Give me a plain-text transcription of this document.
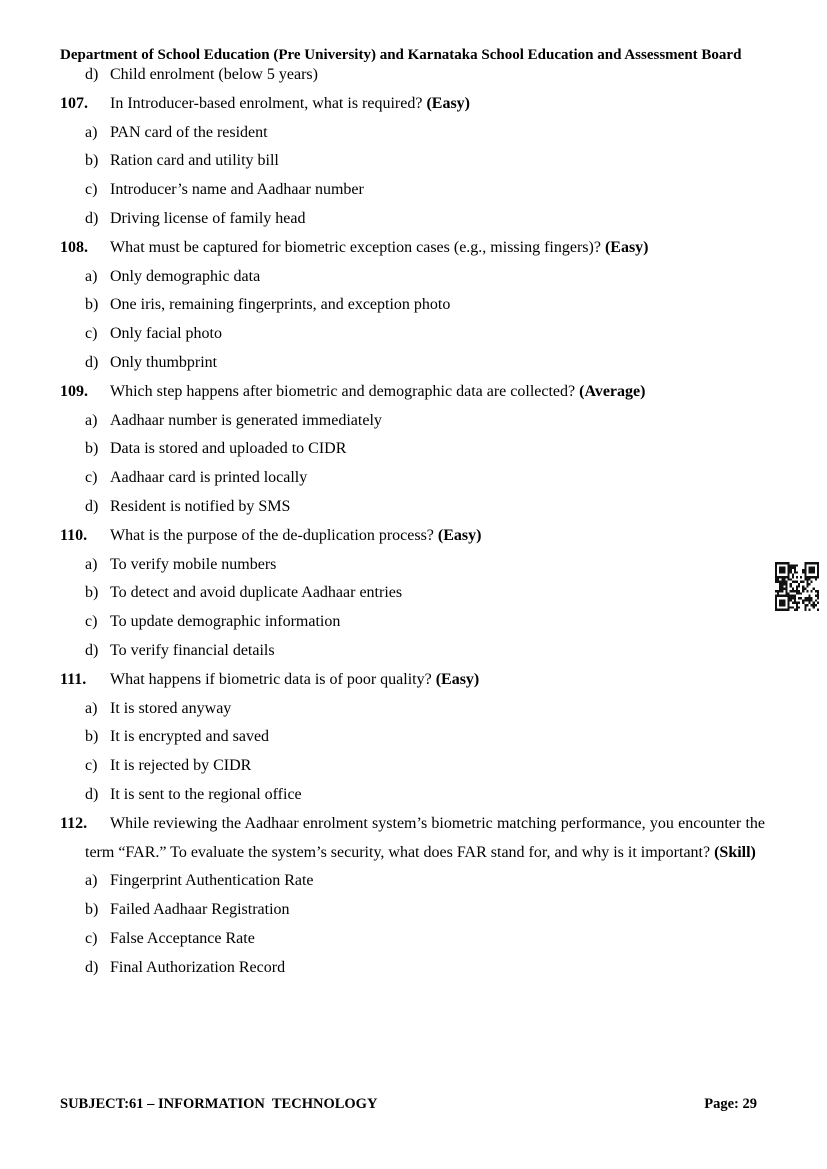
Department of School Education (Pre University) and Karnataka School Education and Assessment Board
d) Child enrolment (below 5 years)
107.	In Introducer-based enrolment, what is required? (Easy)
a) PAN card of the resident
b) Ration card and utility bill
c) Introducer’s name and Aadhaar number
d) Driving license of family head
108.	What must be captured for biometric exception cases (e.g., missing fingers)? (Easy)
a) Only demographic data
b) One iris, remaining fingerprints, and exception photo
c) Only facial photo
d) Only thumbprint
109.	Which step happens after biometric and demographic data are collected? (Average)
a) Aadhaar number is generated immediately
b) Data is stored and uploaded to CIDR
c) Aadhaar card is printed locally
d) Resident is notified by SMS
110.	What is the purpose of the de-duplication process? (Easy)
a) To verify mobile numbers
b) To detect and avoid duplicate Aadhaar entries
c) To update demographic information
d) To verify financial details
111.	What happens if biometric data is of poor quality? (Easy)
a) It is stored anyway
b) It is encrypted and saved
c) It is rejected by CIDR
d) It is sent to the regional office
112.	While reviewing the Aadhaar enrolment system’s biometric matching performance, you encounter the term “FAR.” To evaluate the system’s security, what does FAR stand for, and why is it important? (Skill)
a) Fingerprint Authentication Rate
b) Failed Aadhaar Registration
c) False Acceptance Rate
d) Final Authorization Record
SUBJECT:61 – INFORMATION  TECHNOLOGY	Page: 29
